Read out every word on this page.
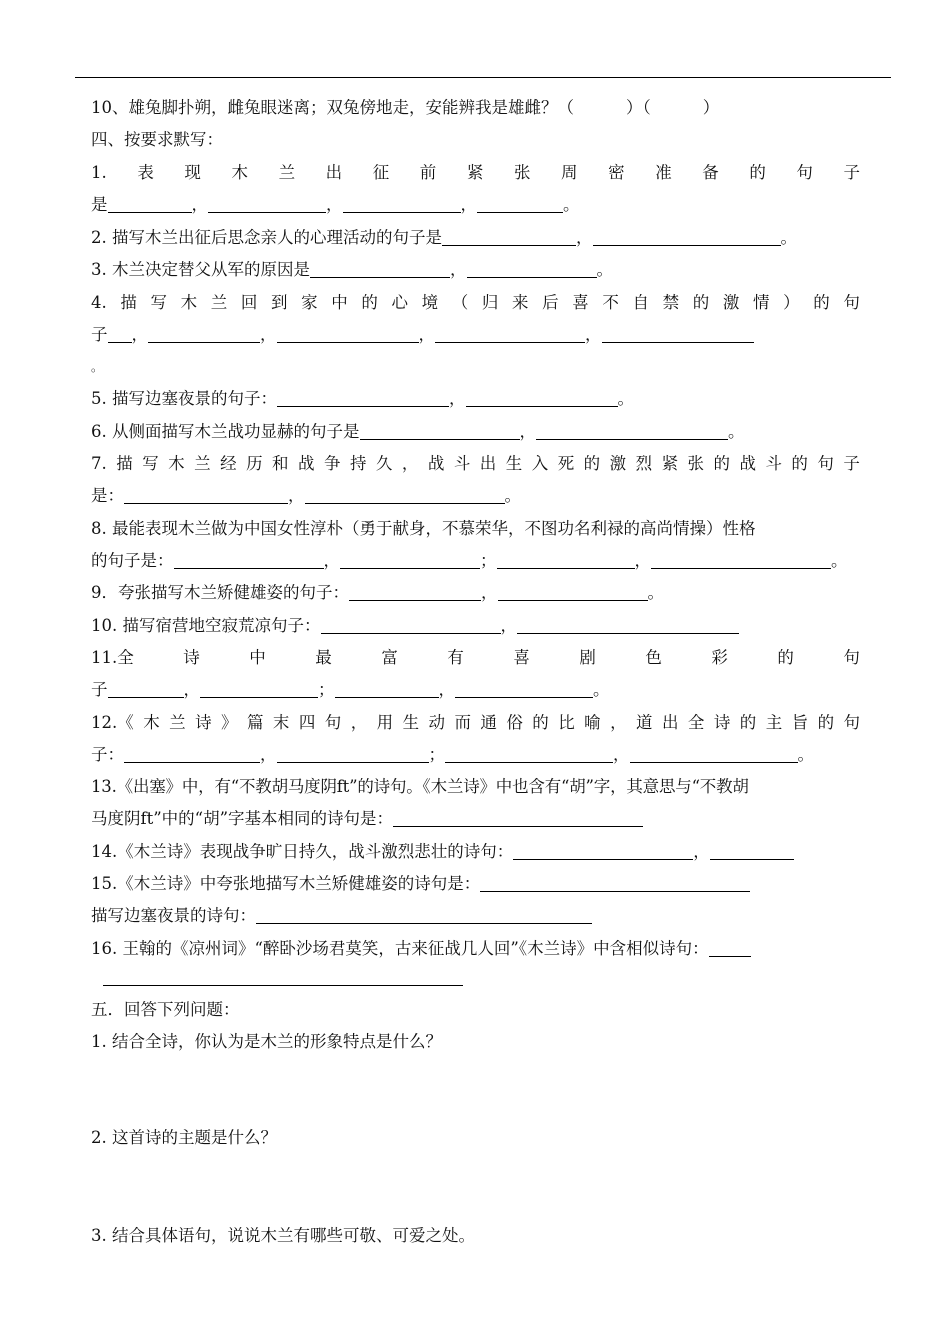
10、雄兔脚扑朔，雌兔眼迷离；双兔傍地走，安能辨我是雄雌？（	）（	）
四、按要求默写：
1. 表 现 木 兰 出 征 前 紧 张 周 密 准 备 的 句 子
是	，	，	，	。
2. 描写木兰出征后思念亲人的心理活动的句子是	，	。
3. 木兰决定替父从军的原因是	，	。
4. 描 写 木 兰 回 到 家 中 的 心 境 （ 归 来 后 喜 不 自 禁 的 激 情 ） 的 句
子 ，	，	，	，
。
5. 描写边塞夜景的句子：	，	。
6. 从侧面描写木兰战功显赫的句子是	，	。
7. 描 写 木 兰 经 历 和 战 争 持 久 ， 战 斗 出 生 入 死 的 激 烈 紧 张 的 战 斗 的 句 子
是：	，	。
8. 最能表现木兰做为中国女性淳朴（勇于献身，不慕荣华，不图功名利禄的高尚情操）性格
的句子是：	，	；	，	。
9．夸张描写木兰矫健雄姿的句子：	，	。
10. 描写宿营地空寂荒凉句子：	，
11.全	诗	中	最	富	有	喜	剧	色	彩	的	句
子	，	；	，	。
12.《 木 兰 诗 》 篇 末 四 句 ， 用 生 动 而 通 俗 的 比 喻 ， 道 出 全 诗 的 主 旨 的 句
子：	，	；	，	。
13.《出塞》中，有“不教胡马度阴ft”的诗句。《木兰诗》中也含有“胡”字，其意思与“不教胡
马度阴ft”中的“胡”字基本相同的诗句是：
14.《木兰诗》表现战争旷日持久，战斗激烈悲壮的诗句：	，
15.《木兰诗》中夸张地描写木兰矫健雄姿的诗句是：
描写边塞夜景的诗句：
16. 王翰的《凉州词》“醉卧沙场君莫笑，古来征战几人回”《木兰诗》中含相似诗句：
五．回答下列问题：
1. 结合全诗，你认为是木兰的形象特点是什么？
2. 这首诗的主题是什么？
3. 结合具体语句，说说木兰有哪些可敬、可爱之处。
